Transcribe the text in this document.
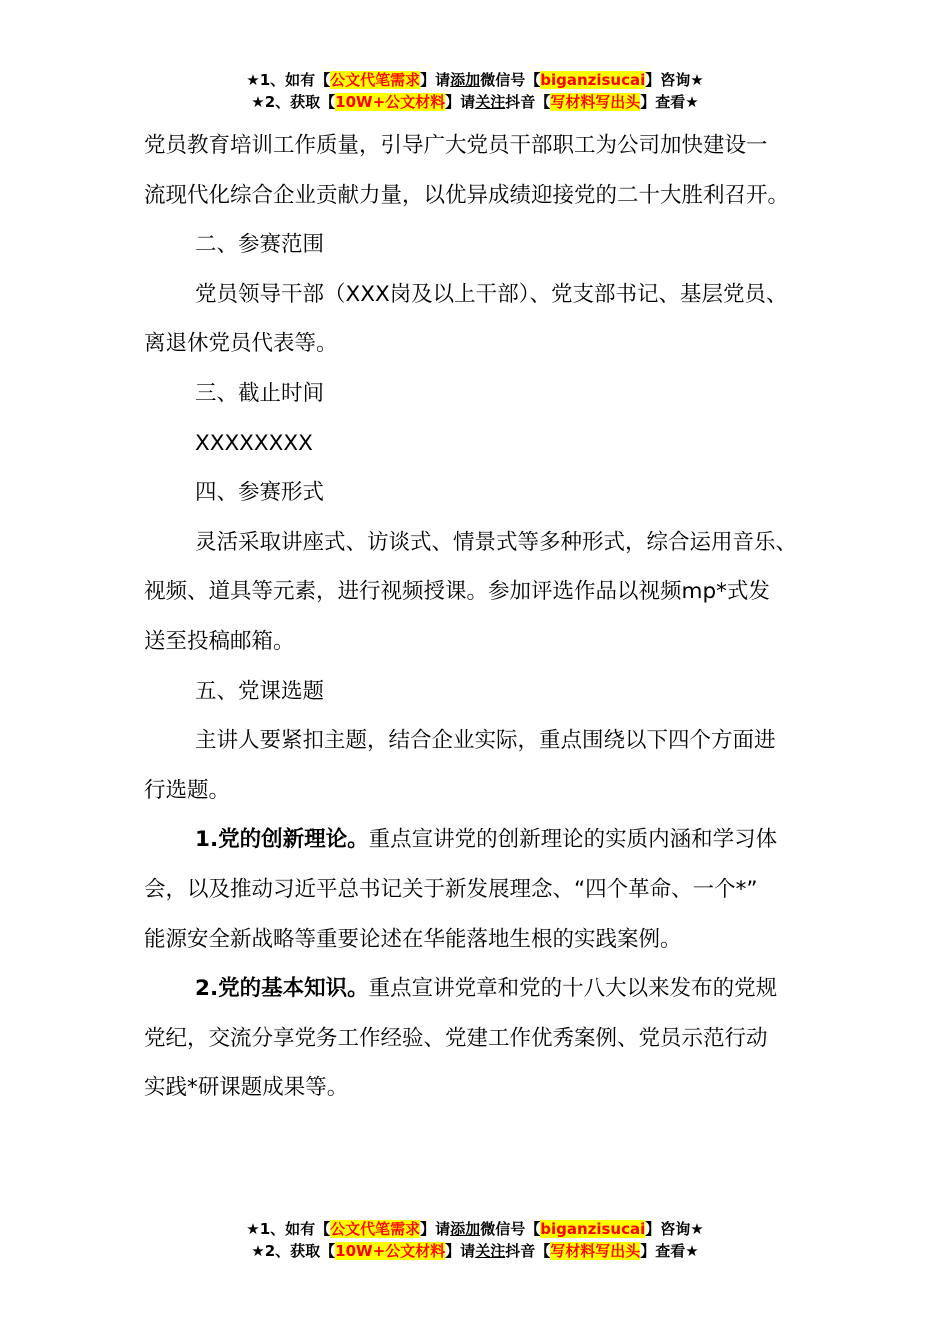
★1、如有【公文代笔需求】请添加微信号【biganzisucai】咨询★
★2、获取【10W+公文材料】请关注抖音【写材料写出头】查看★

党员教育培训工作质量，引导广大党员干部职工为公司加快建设一

流现代化综合企业贡献力量，以优异成绩迎接党的二十大胜利召开。

二、参赛范围

党员领导干部（XXX岗及以上干部）、党支部书记、基层党员、

离退休党员代表等。

三、截止时间

XXXXXXXX

四、参赛形式

灵活采取讲座式、访谈式、情景式等多种形式，综合运用音乐、

视频、道具等元素，进行视频授课。参加评选作品以视频mp*式发

送至投稿邮箱。

五、党课选题

主讲人要紧扣主题，结合企业实际，重点围绕以下四个方面进

行选题。

1.党的创新理论。重点宣讲党的创新理论的实质内涵和学习体

会，以及推动习近平总书记关于新发展理念、“四个革命、一个*”

能源安全新战略等重要论述在华能落地生根的实践案例。

2.党的基本知识。重点宣讲党章和党的十八大以来发布的党规

党纪，交流分享党务工作经验、党建工作优秀案例、党员示范行动

实践*研课题成果等。

★1、如有【公文代笔需求】请添加微信号【biganzisucai】咨询★
★2、获取【10W+公文材料】请关注抖音【写材料写出头】查看★
